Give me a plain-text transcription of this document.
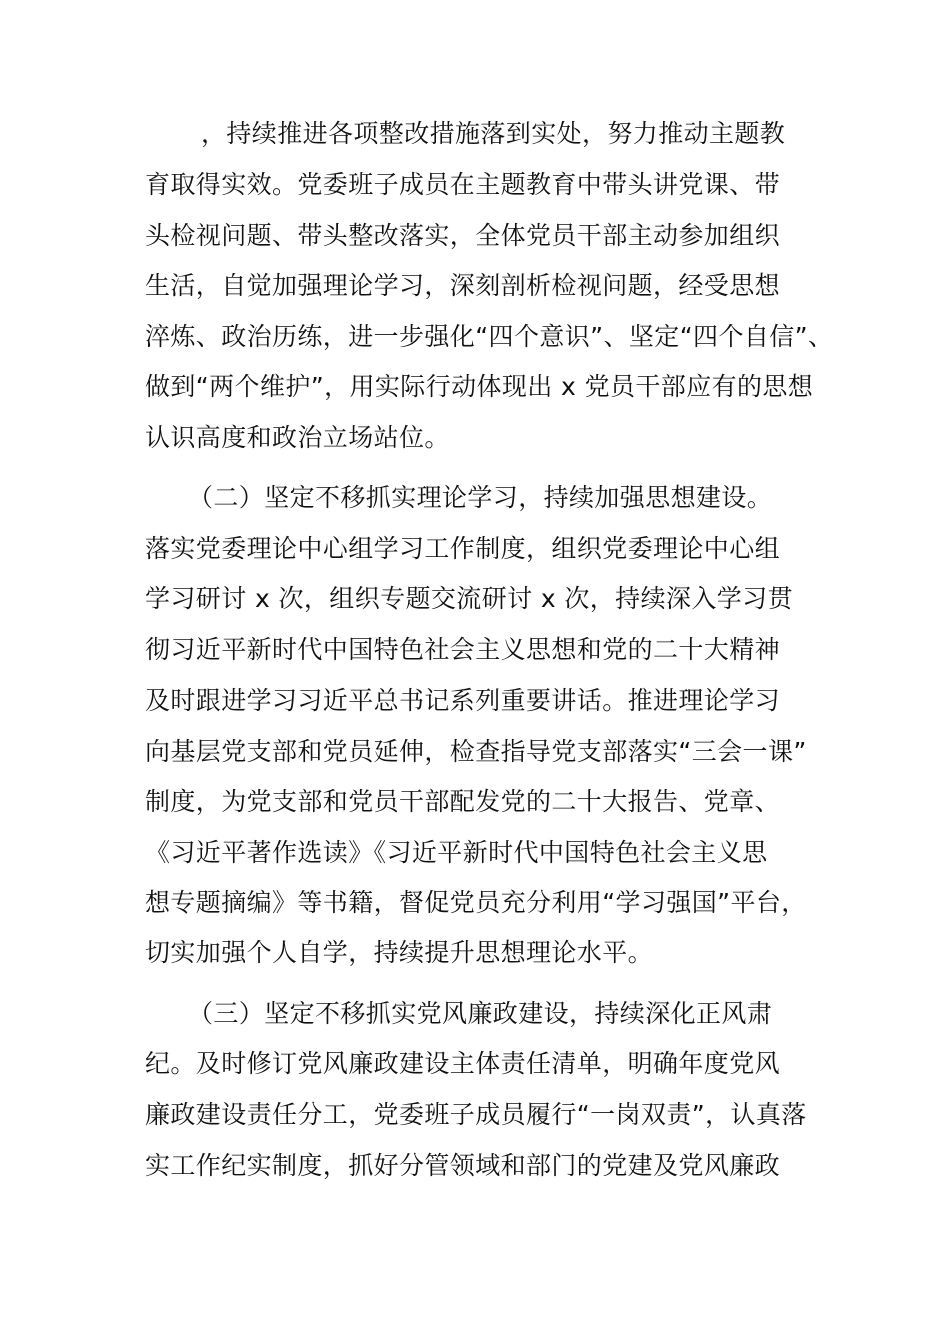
，持续推进各项整改措施落到实处，努力推动主题教

育取得实效。党委班子成员在主题教育中带头讲党课、带

头检视问题、带头整改落实，全体党员干部主动参加组织

生活，自觉加强理论学习，深刻剖析检视问题，经受思想

淬炼、政治历练，进一步强化“四个意识”、坚定“四个自信”、

做到“两个维护”，用实际行动体现出 x 党员干部应有的思想

认识高度和政治立场站位。

（二）坚定不移抓实理论学习，持续加强思想建设。

落实党委理论中心组学习工作制度，组织党委理论中心组

学习研讨 x 次，组织专题交流研讨 x 次，持续深入学习贯

彻习近平新时代中国特色社会主义思想和党的二十大精神

及时跟进学习习近平总书记系列重要讲话。推进理论学习

向基层党支部和党员延伸，检查指导党支部落实“三会一课”

制度，为党支部和党员干部配发党的二十大报告、党章、

《习近平著作选读》《习近平新时代中国特色社会主义思

想专题摘编》等书籍，督促党员充分利用“学习强国”平台，

切实加强个人自学，持续提升思想理论水平。

（三）坚定不移抓实党风廉政建设，持续深化正风肃

纪。及时修订党风廉政建设主体责任清单，明确年度党风

廉政建设责任分工，党委班子成员履行“一岗双责”，认真落

实工作纪实制度，抓好分管领域和部门的党建及党风廉政
